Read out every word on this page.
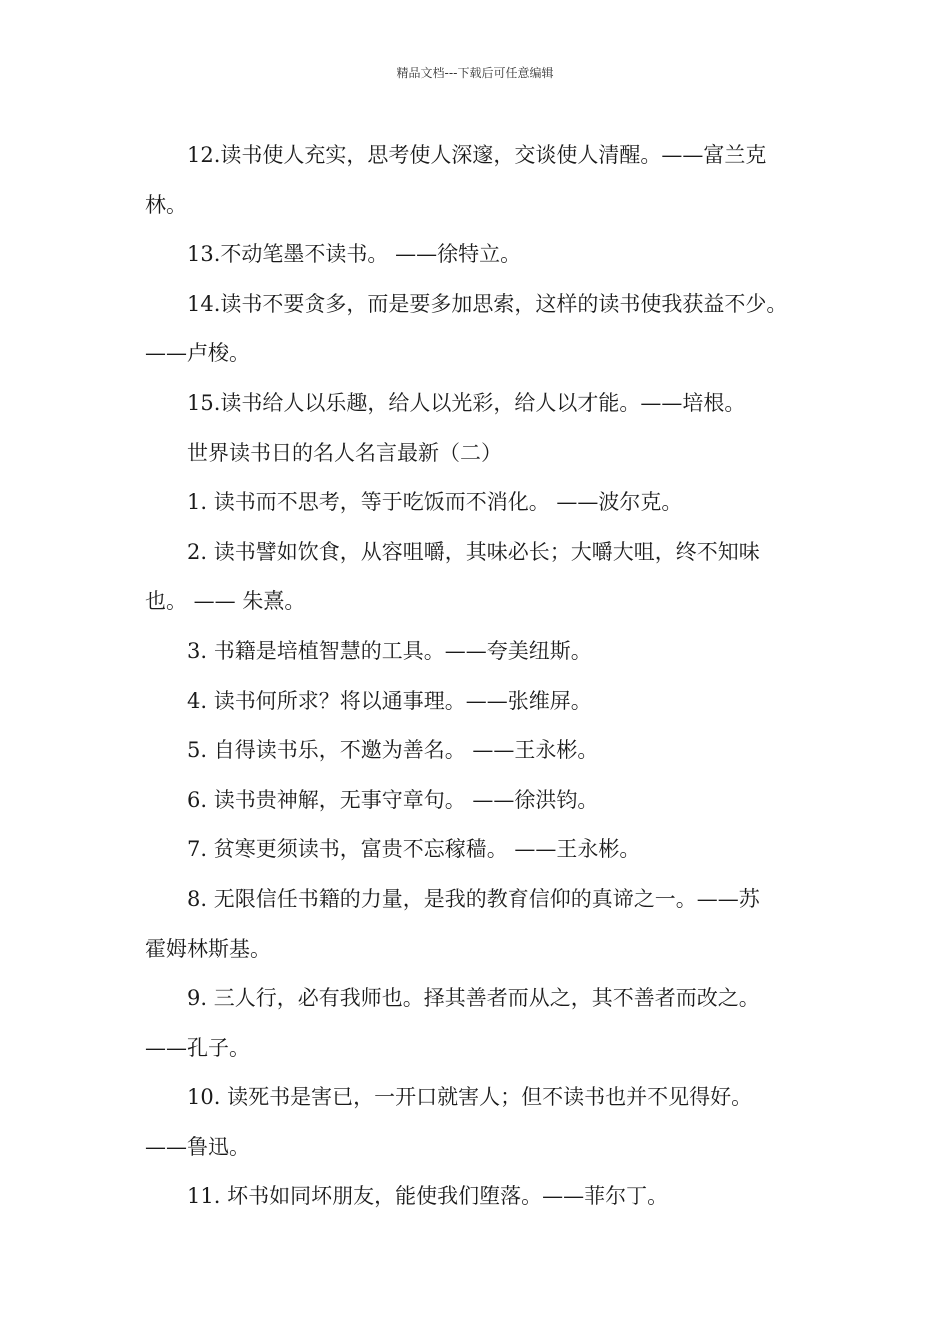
精品文档---下载后可任意编辑

12.读书使人充实，思考使人深邃，交谈使人清醒。——富兰克
林。

13.不动笔墨不读书。 ——徐特立。

14.读书不要贪多，而是要多加思索，这样的读书使我获益不少。
——卢梭。

15.读书给人以乐趣，给人以光彩，给人以才能。——培根。

世界读书日的名人名言最新（二）

1. 读书而不思考，等于吃饭而不消化。 ——波尔克。

2. 读书譬如饮食，从容咀嚼，其味必长；大嚼大咀，终不知味
也。 —— 朱熹。

3. 书籍是培植智慧的工具。——夸美纽斯。

4. 读书何所求？将以通事理。——张维屏。

5. 自得读书乐，不邀为善名。 ——王永彬。

6. 读书贵神解，无事守章句。 ——徐洪钧。

7. 贫寒更须读书，富贵不忘稼穑。 ——王永彬。

8. 无限信任书籍的力量，是我的教育信仰的真谛之一。——苏
霍姆林斯基。

9. 三人行，必有我师也。择其善者而从之，其不善者而改之。
——孔子。

10. 读死书是害已，一开口就害人；但不读书也并不见得好。
——鲁迅。

11. 坏书如同坏朋友，能使我们堕落。——菲尔丁。
